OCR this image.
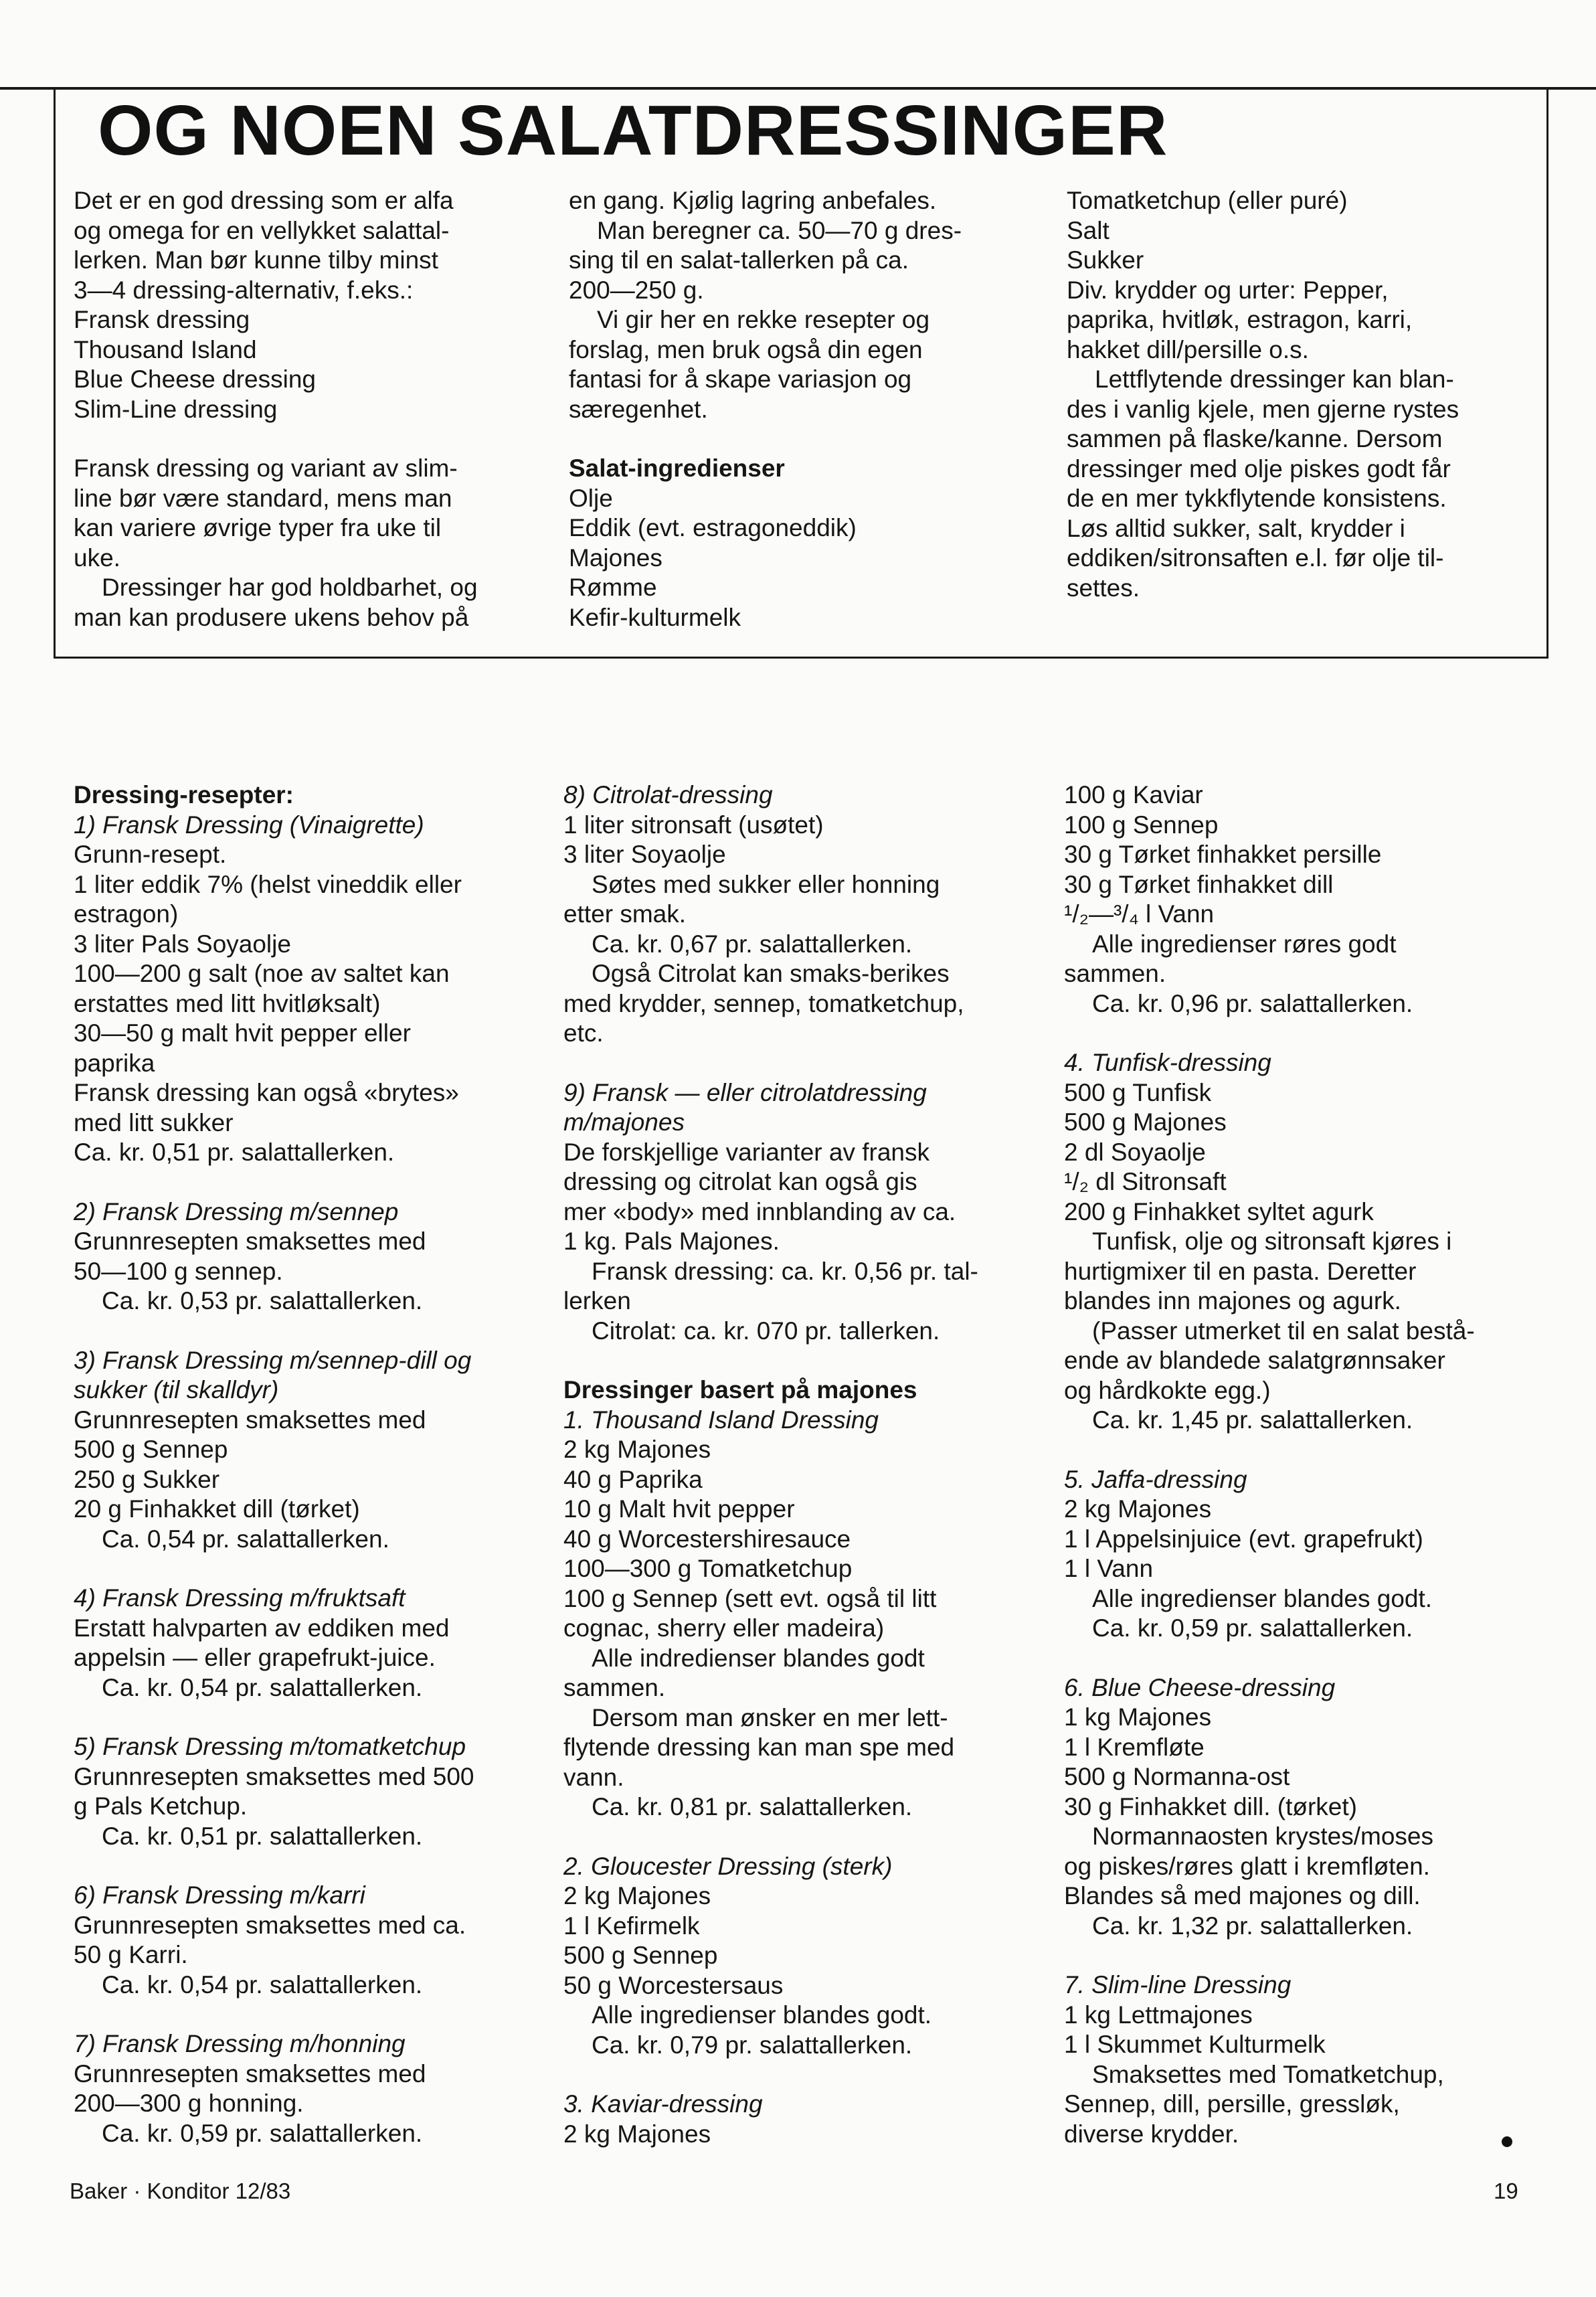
OG NOEN SALATDRESSINGER

Det er en god dressing som er alfa

og omega for en vellykket salattal-

lerken. Man bør kunne tilby minst

3—4 dressing-alternativ, f.eks.:

Fransk dressing

Thousand Island

Blue Cheese dressing

Slim-Line dressing

Fransk dressing og variant av slim-

line bør være standard, mens man

kan variere øvrige typer fra uke til

uke.

Dressinger har god holdbarhet, og

man kan produsere ukens behov på

en gang. Kjølig lagring anbefales.

Man beregner ca. 50—70 g dres-

sing til en salat-tallerken på ca.

200—250 g.

Vi gir her en rekke resepter og

forslag, men bruk også din egen

fantasi for å skape variasjon og

særegenhet.

Salat-ingredienser

Olje

Eddik (evt. estragoneddik)

Majones

Rømme

Kefir-kulturmelk

Tomatketchup (eller puré)

Salt

Sukker

Div. krydder og urter: Pepper,

paprika, hvitløk, estragon, karri,

hakket dill/persille o.s.

Lettflytende dressinger kan blan-

des i vanlig kjele, men gjerne rystes

sammen på flaske/kanne. Dersom

dressinger med olje piskes godt får

de en mer tykkflytende konsistens.

Løs alltid sukker, salt, krydder i

eddiken/sitronsaften e.l. før olje til-

settes.

Dressing-resepter:

1) Fransk Dressing (Vinaigrette)

Grunn-resept.

1 liter eddik 7% (helst vineddik eller

estragon)

3 liter Pals Soyaolje

100—200 g salt (noe av saltet kan

erstattes med litt hvitløksalt)

30—50 g malt hvit pepper eller

paprika

Fransk dressing kan også «brytes»

med litt sukker

Ca. kr. 0,51 pr. salattallerken.

2) Fransk Dressing m/sennep

Grunnresepten smaksettes med

50—100 g sennep.

Ca. kr. 0,53 pr. salattallerken.

3) Fransk Dressing m/sennep-dill og

sukker (til skalldyr)

Grunnresepten smaksettes med

500 g Sennep

250 g Sukker

20 g Finhakket dill (tørket)

Ca. 0,54 pr. salattallerken.

4) Fransk Dressing m/fruktsaft

Erstatt halvparten av eddiken med

appelsin — eller grapefrukt-juice.

Ca. kr. 0,54 pr. salattallerken.

5) Fransk Dressing m/tomatketchup

Grunnresepten smaksettes med 500

g Pals Ketchup.

Ca. kr. 0,51 pr. salattallerken.

6) Fransk Dressing m/karri

Grunnresepten smaksettes med ca.

50 g Karri.

Ca. kr. 0,54 pr. salattallerken.

7) Fransk Dressing m/honning

Grunnresepten smaksettes med

200—300 g honning.

Ca. kr. 0,59 pr. salattallerken.

8) Citrolat-dressing

1 liter sitronsaft (usøtet)

3 liter Soyaolje

Søtes med sukker eller honning

etter smak.

Ca. kr. 0,67 pr. salattallerken.

Også Citrolat kan smaks-berikes

med krydder, sennep, tomatketchup,

etc.

9) Fransk — eller citrolatdressing

m/majones

De forskjellige varianter av fransk

dressing og citrolat kan også gis

mer «body» med innblanding av ca.

1 kg. Pals Majones.

Fransk dressing: ca. kr. 0,56 pr. tal-

lerken

Citrolat: ca. kr. 070 pr. tallerken.

Dressinger basert på majones

1. Thousand Island Dressing

2 kg Majones

40 g Paprika

10 g Malt hvit pepper

40 g Worcestershiresauce

100—300 g Tomatketchup

100 g Sennep (sett evt. også til litt

cognac, sherry eller madeira)

Alle indredienser blandes godt

sammen.

Dersom man ønsker en mer lett-

flytende dressing kan man spe med

vann.

Ca. kr. 0,81 pr. salattallerken.

2. Gloucester Dressing (sterk)

2 kg Majones

1 l Kefirmelk

500 g Sennep

50 g Worcestersaus

Alle ingredienser blandes godt.

Ca. kr. 0,79 pr. salattallerken.

3. Kaviar-dressing

2 kg Majones

100 g Kaviar

100 g Sennep

30 g Tørket finhakket persille

30 g Tørket finhakket dill

¹/₂—³/₄ l Vann

Alle ingredienser røres godt

sammen.

Ca. kr. 0,96 pr. salattallerken.

4. Tunfisk-dressing

500 g Tunfisk

500 g Majones

2 dl Soyaolje

¹/₂ dl Sitronsaft

200 g Finhakket syltet agurk

Tunfisk, olje og sitronsaft kjøres i

hurtigmixer til en pasta. Deretter

blandes inn majones og agurk.

(Passer utmerket til en salat bestå-

ende av blandede salatgrønnsaker

og hårdkokte egg.)

Ca. kr. 1,45 pr. salattallerken.

5. Jaffa-dressing

2 kg Majones

1 l Appelsinjuice (evt. grapefrukt)

1 l Vann

Alle ingredienser blandes godt.

Ca. kr. 0,59 pr. salattallerken.

6. Blue Cheese-dressing

1 kg Majones

1 l Kremfløte

500 g Normanna-ost

30 g Finhakket dill. (tørket)

Normannaosten krystes/moses

og piskes/røres glatt i kremfløten.

Blandes så med majones og dill.

Ca. kr. 1,32 pr. salattallerken.

7. Slim-line Dressing

1 kg Lettmajones

1 l Skummet Kulturmelk

Smaksettes med Tomatketchup,

Sennep, dill, persille, gressløk,

diverse krydder.

Baker · Konditor 12/83	19
